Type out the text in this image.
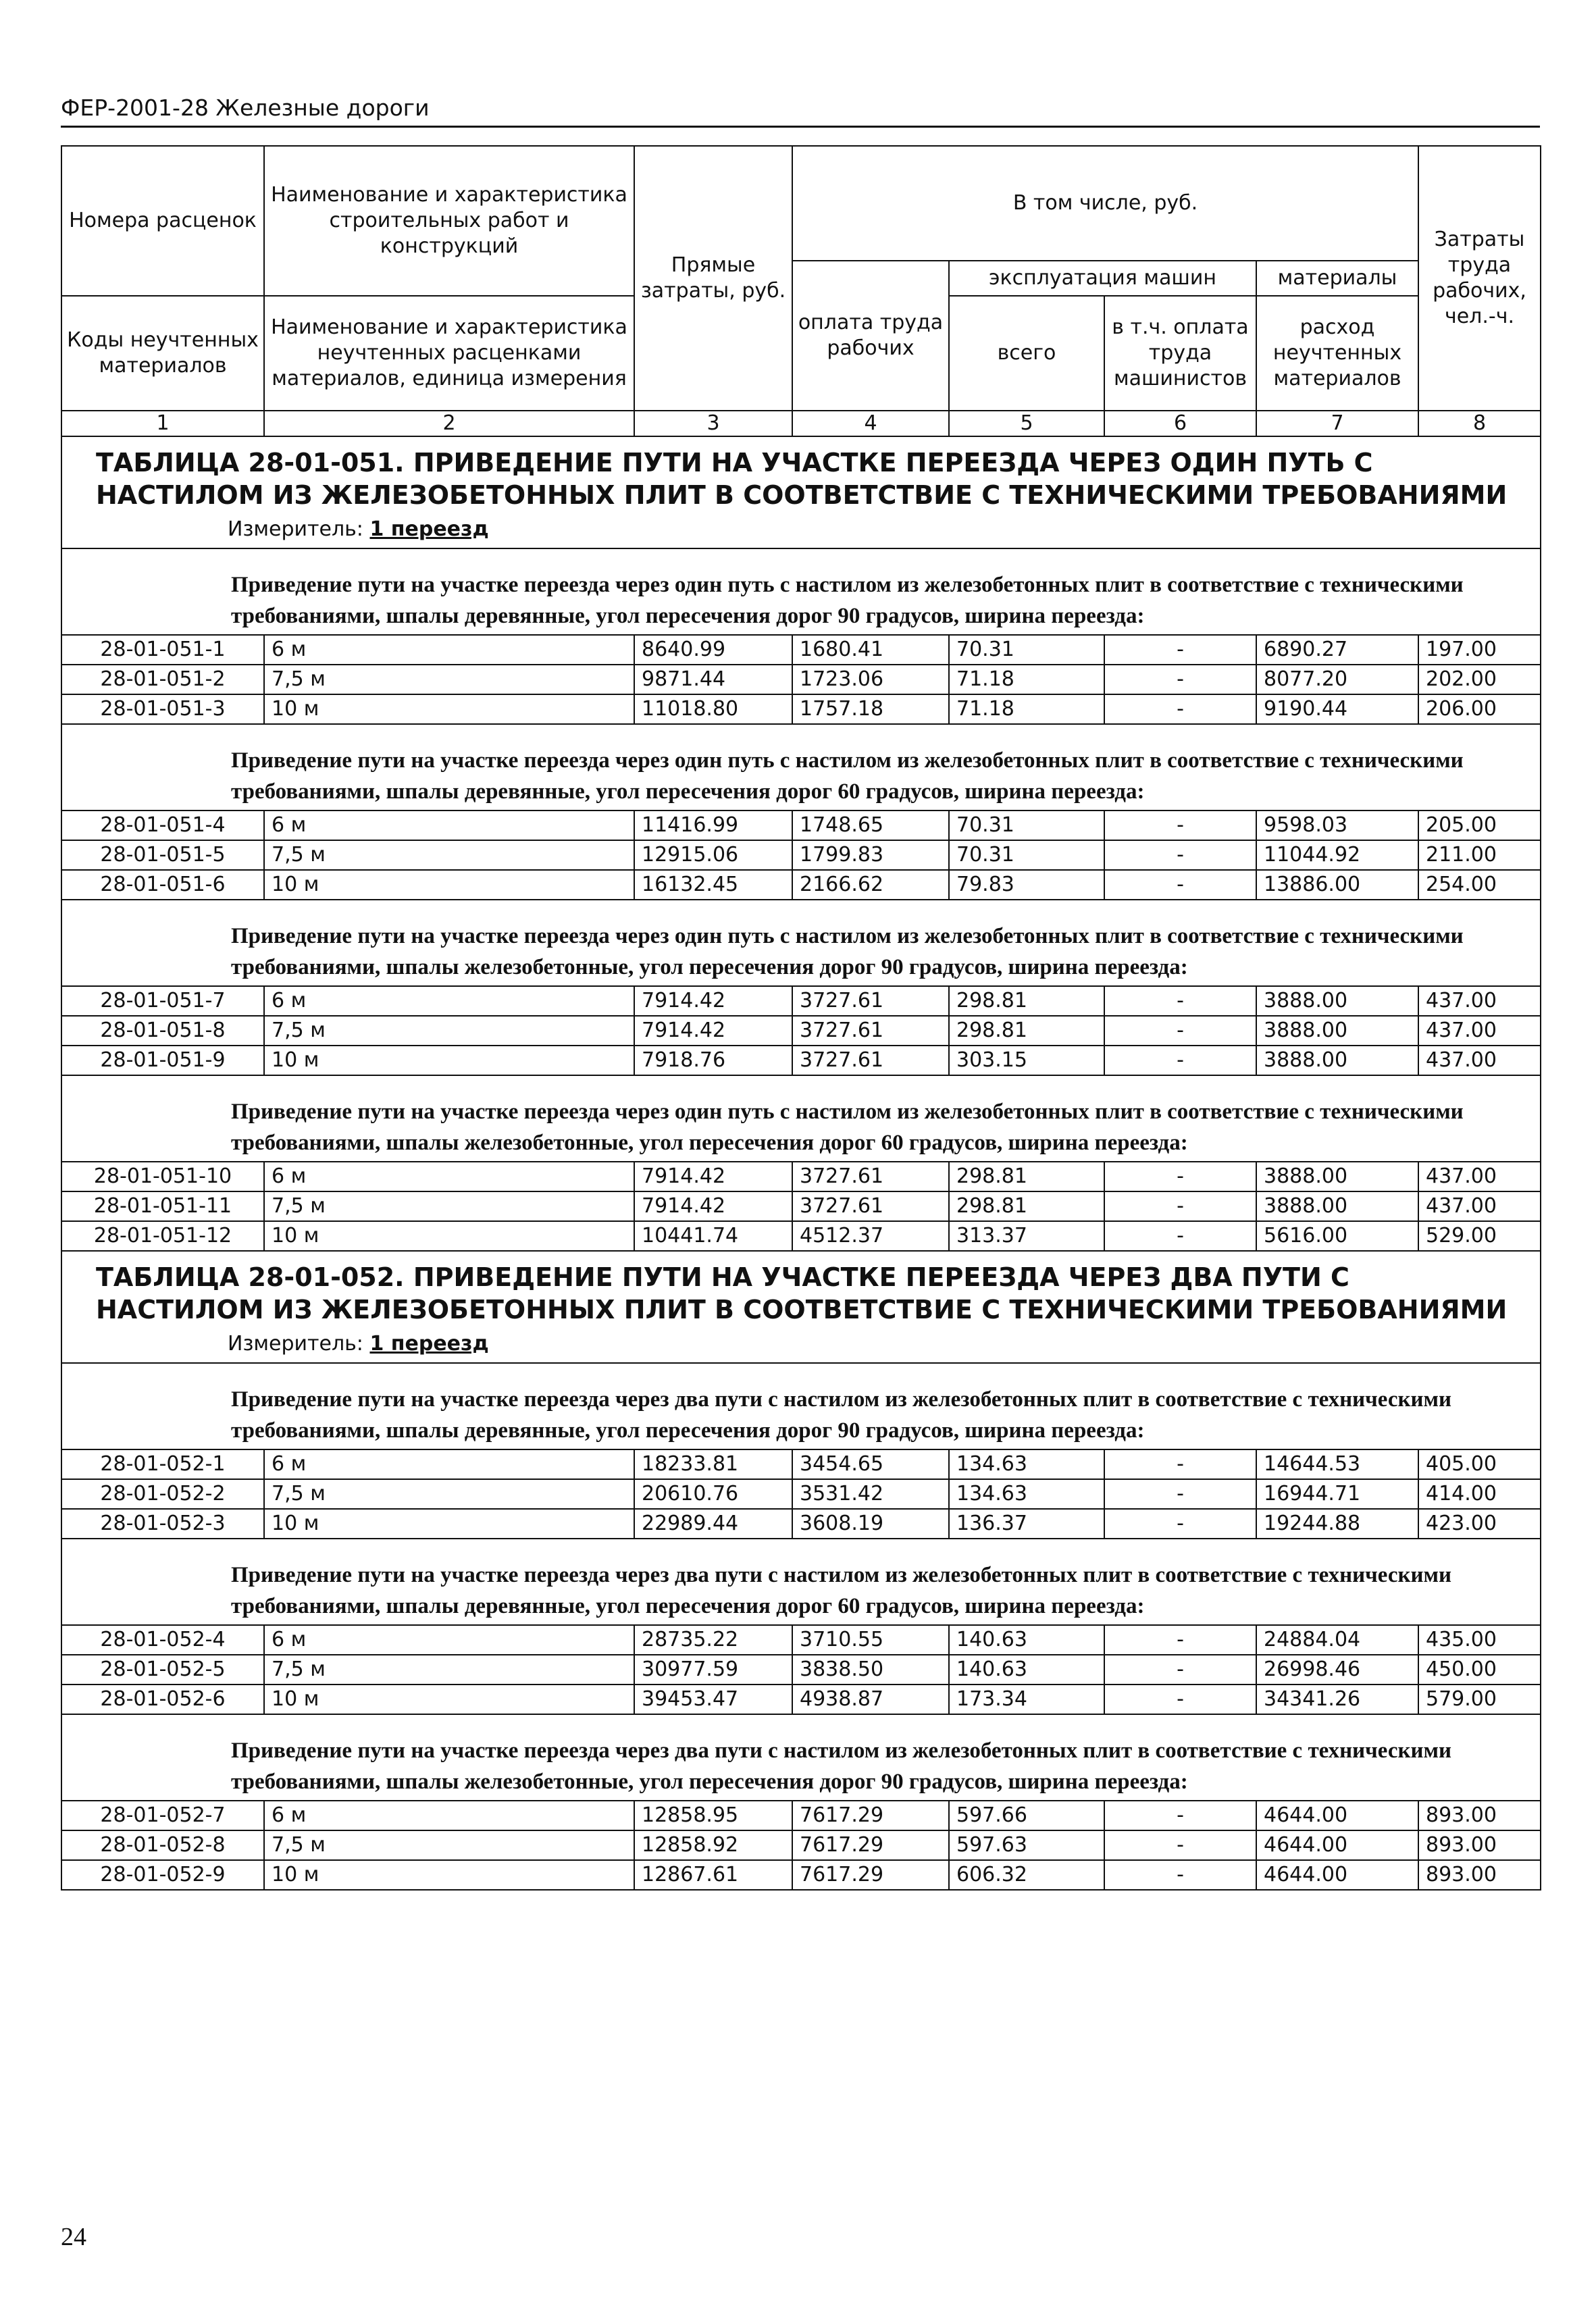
ФЕР-2001-28 Железные дороги
Номера расценок	Наименование и характеристика строительных работ и конструкций	Прямые затраты, руб.	В том числе, руб.				Затраты труда рабочих, чел.-ч.
			оплата труда рабочих	эксплуатация машин		материалы	
Коды неучтенных материалов	Наименование и характеристика неучтенных расценками материалов, единица измерения			всего	в т.ч. оплата труда машинистов	расход неучтенных материалов	

1	2	3	4	5	6	7	8

ТАБЛИЦА 28-01-051. ПРИВЕДЕНИЕ ПУТИ НА УЧАСТКЕ ПЕРЕЕЗДА ЧЕРЕЗ ОДИН ПУТЬ С НАСТИЛОМ ИЗ ЖЕЛЕЗОБЕТОННЫХ ПЛИТ В СООТВЕТСТВИЕ С ТЕХНИЧЕСКИМИ ТРЕБОВАНИЯМИ							

Измеритель: 1 переезд							
Приведение пути на участке переезда через один путь с настилом из железобетонных плит в соответствие с техническими требованиями, шпалы деревянные, угол пересечения дорог 90 градусов, ширина переезда:							
28-01-051-1	6 м	8640.99	1680.41	70.31	-	6890.27	197.00
28-01-051-2	7,5 м	9871.44	1723.06	71.18	-	8077.20	202.00
28-01-051-3	10 м	11018.80	1757.18	71.18	-	9190.44	206.00
Приведение пути на участке переезда через один путь с настилом из железобетонных плит в соответствие с техническими требованиями, шпалы деревянные, угол пересечения дорог 60 градусов, ширина переезда:							
28-01-051-4	6 м	11416.99	1748.65	70.31	-	9598.03	205.00
28-01-051-5	7,5 м	12915.06	1799.83	70.31	-	11044.92	211.00
28-01-051-6	10 м	16132.45	2166.62	79.83	-	13886.00	254.00
Приведение пути на участке переезда через один путь с настилом из железобетонных плит в соответствие с техническими требованиями, шпалы железобетонные, угол пересечения дорог 90 градусов, ширина переезда:							
28-01-051-7	6 м	7914.42	3727.61	298.81	-	3888.00	437.00
28-01-051-8	7,5 м	7914.42	3727.61	298.81	-	3888.00	437.00
28-01-051-9	10 м	7918.76	3727.61	303.15	-	3888.00	437.00
Приведение пути на участке переезда через один путь с настилом из железобетонных плит в соответствие с техническими требованиями, шпалы железобетонные, угол пересечения дорог 60 градусов, ширина переезда:							
28-01-051-10	6 м	7914.42	3727.61	298.81	-	3888.00	437.00
28-01-051-11	7,5 м	7914.42	3727.61	298.81	-	3888.00	437.00
28-01-051-12	10 м	10441.74	4512.37	313.37	-	5616.00	529.00

ТАБЛИЦА 28-01-052. ПРИВЕДЕНИЕ ПУТИ НА УЧАСТКЕ ПЕРЕЕЗДА ЧЕРЕЗ ДВА ПУТИ С НАСТИЛОМ ИЗ ЖЕЛЕЗОБЕТОННЫХ ПЛИТ В СООТВЕТСТВИЕ С ТЕХНИЧЕСКИМИ ТРЕБОВАНИЯМИ							

Измеритель: 1 переезд							
Приведение пути на участке переезда через два пути с настилом из железобетонных плит в соответствие с техническими требованиями, шпалы деревянные, угол пересечения дорог 90 градусов, ширина переезда:							
28-01-052-1	6 м	18233.81	3454.65	134.63	-	14644.53	405.00
28-01-052-2	7,5 м	20610.76	3531.42	134.63	-	16944.71	414.00
28-01-052-3	10 м	22989.44	3608.19	136.37	-	19244.88	423.00
Приведение пути на участке переезда через два пути с настилом из железобетонных плит в соответствие с техническими требованиями, шпалы деревянные, угол пересечения дорог 60 градусов, ширина переезда:							
28-01-052-4	6 м	28735.22	3710.55	140.63	-	24884.04	435.00
28-01-052-5	7,5 м	30977.59	3838.50	140.63	-	26998.46	450.00
28-01-052-6	10 м	39453.47	4938.87	173.34	-	34341.26	579.00
Приведение пути на участке переезда через два пути с настилом из железобетонных плит в соответствие с техническими требованиями, шпалы железобетонные, угол пересечения дорог 90 градусов, ширина переезда:							
28-01-052-7	6 м	12858.95	7617.29	597.66	-	4644.00	893.00
28-01-052-8	7,5 м	12858.92	7617.29	597.63	-	4644.00	893.00
28-01-052-9	10 м	12867.61	7617.29	606.32	-	4644.00	893.00
24
